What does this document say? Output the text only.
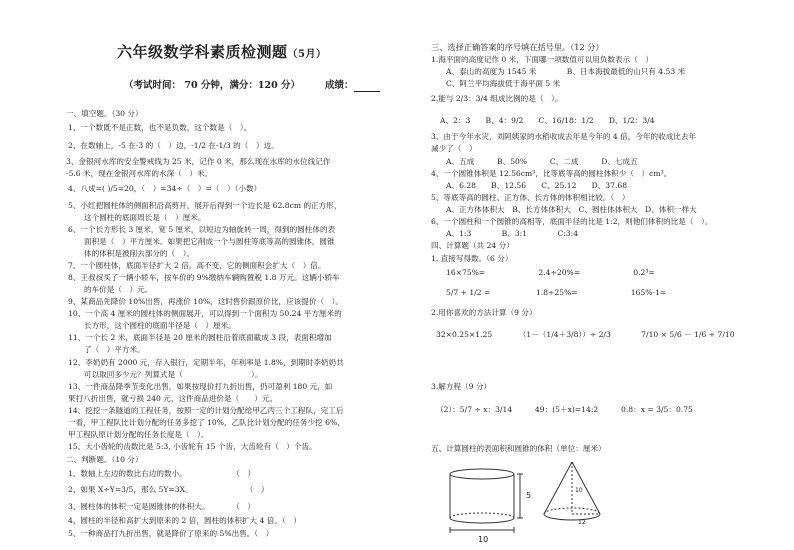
六年级数学科素质检测题（5月）
（考试时间： 70 分钟，满分：120 分）	成绩：
一、填空题。（30 分）
1、一个数既不是正数，也不是负数，这个数是（　）。
2、在数轴上，-5 在-3 的（　）边，-1/2 在-1/3 的（　）边。
3、金银河水库的安全警戒线为 25 米，记作 0 米，那么现在水库的水位线记作
-5.6 米，现在金银河水库的水深（　）米。
4、八成=( )/5=20，（　）=34÷（　）=（　）（小数）
5、小红把圆柱体的侧面积沿高剪开，展开后得到一个边长是 62.8cm 的正方形，
这个圆柱的底面周长是（　）厘米。
6、一个长方形长 3 厘米，宽 5 厘米，以短边为轴旋转一周，得到的圆柱体的表
面积是（　）平方厘米。如果把它削成一个与圆柱等底等高的圆锥体，圆锥
体的体积是被削去部分的（　）。
7、一个圆柱体，底面半径扩大 2 倍，高不变，它的侧面积会扩大（　）倍。
8、王叔叔买了一辆小轿车，按车价的 9%缴纳车辆购置税 1.8 万元。这辆小轿车
的车价是（　）元。
9、某商品先降价 10%出售，再涨价 10%，这时售价跟原价比，应该提价（　）。
10、一个高 4 厘米的圆柱体的侧面展开，可以得到一个面积为 50.24 平方厘米的
长方形，这个圆柱的底面半径是（　）厘米。
11、一个长 2 米，底面半径是 20 厘米的圆柱沿着底面截成 3 段，表面积增加
了（　）平方米。
12、李奶奶有 2000 元，存入银行，定期半年，年利率是 1.8%，到期时李奶奶共
可以取回多少元？列算式是（　　　　　　　　　）。
13、一件商品降季节变化出售，如果按现价打九折出售，仍可盈利 180 元，如
果打八折出售，就亏损 240 元，这件商品进价是（　　）元。
14、挖挖一条隧道的工程任务，按照一定的计划分配给甲乙丙三个工程队，完工后
一看，甲工程队比计划分配的任务多挖了 10%，乙队比计划分配的任务少挖 6%，
甲工程队原计划分配的任务长度是（　）。
15、大小齿轮的齿数比是 5:3, 小齿轮有 15 个齿，大齿轮有（　）个齿。
二、判断题。（10 分）
1、数轴上左边的数比右边的数小。　　　　　　　（　）
2、如果 X÷Y=3/5，那么 5Y=3X。　　　　　　　　（　）
3、圆柱体的体积一定是圆锥体的体积大。　　　　（　）
4、圆柱的半径和高扩大到原来的 2 倍，圆柱的体积扩大 4 倍。（　）
5、一种商品打九折出售，就是降价了原来的 5%出售。（　）
三、选择正确答案的序号填在括号里。（12 分）
1.海平面的高度记作 0 米，下面哪一项数值可以用负数表示（　）
A、泰山的高度为 1545 米　　　　B、日本海拔最低的山只有 4.53 米
C、阿兰平均海拔低于海平面 5 米
2.能与 2/3：3/4 组成比例的是（　）。
A、2：3　　B、4：9/2　　C、16/18：1/2　　D、1/2：3/4
3、由于今年水灾，刘阿姨家的水稻收成去年是今年的 4 倍，今年的收成比去年
减少了（　）
A、五成　　　B、50%　　　C、二成　　　D、七成五
4、一个圆锥体积是 12.56cm³，比等底等高的圆柱体积少（　）cm³。
A、6.28　　B、12.56　　C、25.12　　D、37.68
5、等底等高的圆柱、正方体、长方体的体积相比较。（　）
A、正方体体积大　B、长方体体积大　C、圆柱体体积大　D、体积一样大
6、一个圆柱和一个圆锥的高相等，底面半径的比是 1:2，则他们体积的比是（　）。
A、1:3　　　　B、3:1　　　　C:3:4
四、计算题（共 24 分）
1. 直接写得数。（6 分）
16×75%=　　　　　　　2.4÷20%=　　　　　　　0.2³=
5/7 + 1/2 =　　　　　　1.8÷25%=　　　　　　　165%-1=
2.用你喜欢的方法计算（9 分）
32×0.25×1.25　　　　（1－（1/4＋3/8））÷ 2/3　　　　7/10 × 5/6 － 1/6 ÷ 7/10
3.解方程（9 分）
（2）：5/7 ÷ x：3/14　　　49：(5＋x)=14:2　　　0.8：x = 3/5：0.75
五、计算圆柱的表面积和圆锥的体积（单位：厘米）
5
10
10
12
